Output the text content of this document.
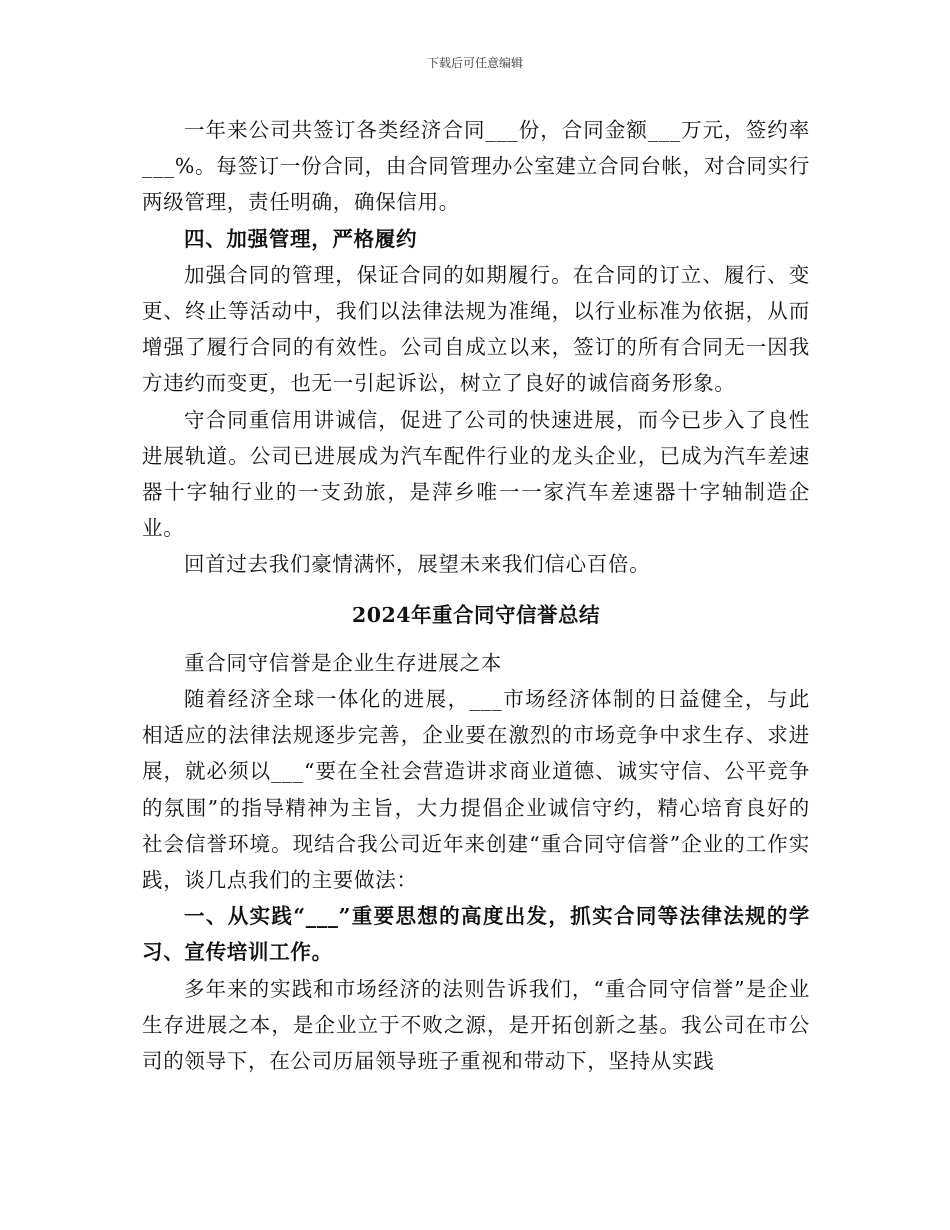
下载后可任意编辑

一年来公司共签订各类经济合同___份，合同金额___万元，签约率___%。每签订一份合同，由合同管理办公室建立合同台帐，对合同实行两级管理，责任明确，确保信用。

四、加强管理，严格履约

加强合同的管理，保证合同的如期履行。在合同的订立、履行、变更、终止等活动中，我们以法律法规为准绳，以行业标准为依据，从而增强了履行合同的有效性。公司自成立以来，签订的所有合同无一因我方违约而变更，也无一引起诉讼，树立了良好的诚信商务形象。

守合同重信用讲诚信，促进了公司的快速进展，而今已步入了良性进展轨道。公司已进展成为汽车配件行业的龙头企业，已成为汽车差速器十字轴行业的一支劲旅，是萍乡唯一一家汽车差速器十字轴制造企业。

回首过去我们豪情满怀，展望未来我们信心百倍。

2024年重合同守信誉总结

重合同守信誉是企业生存进展之本

随着经济全球一体化的进展，___市场经济体制的日益健全，与此相适应的法律法规逐步完善，企业要在激烈的市场竞争中求生存、求进展，就必须以___“要在全社会营造讲求商业道德、诚实守信、公平竞争的氛围”的指导精神为主旨，大力提倡企业诚信守约，精心培育良好的社会信誉环境。现结合我公司近年来创建“重合同守信誉”企业的工作实践，谈几点我们的主要做法：

一、从实践“___”重要思想的高度出发，抓实合同等法律法规的学习、宣传培训工作。

多年来的实践和市场经济的法则告诉我们，“重合同守信誉”是企业生存进展之本，是企业立于不败之源，是开拓创新之基。我公司在市公司的领导下，在公司历届领导班子重视和带动下，坚持从实践
